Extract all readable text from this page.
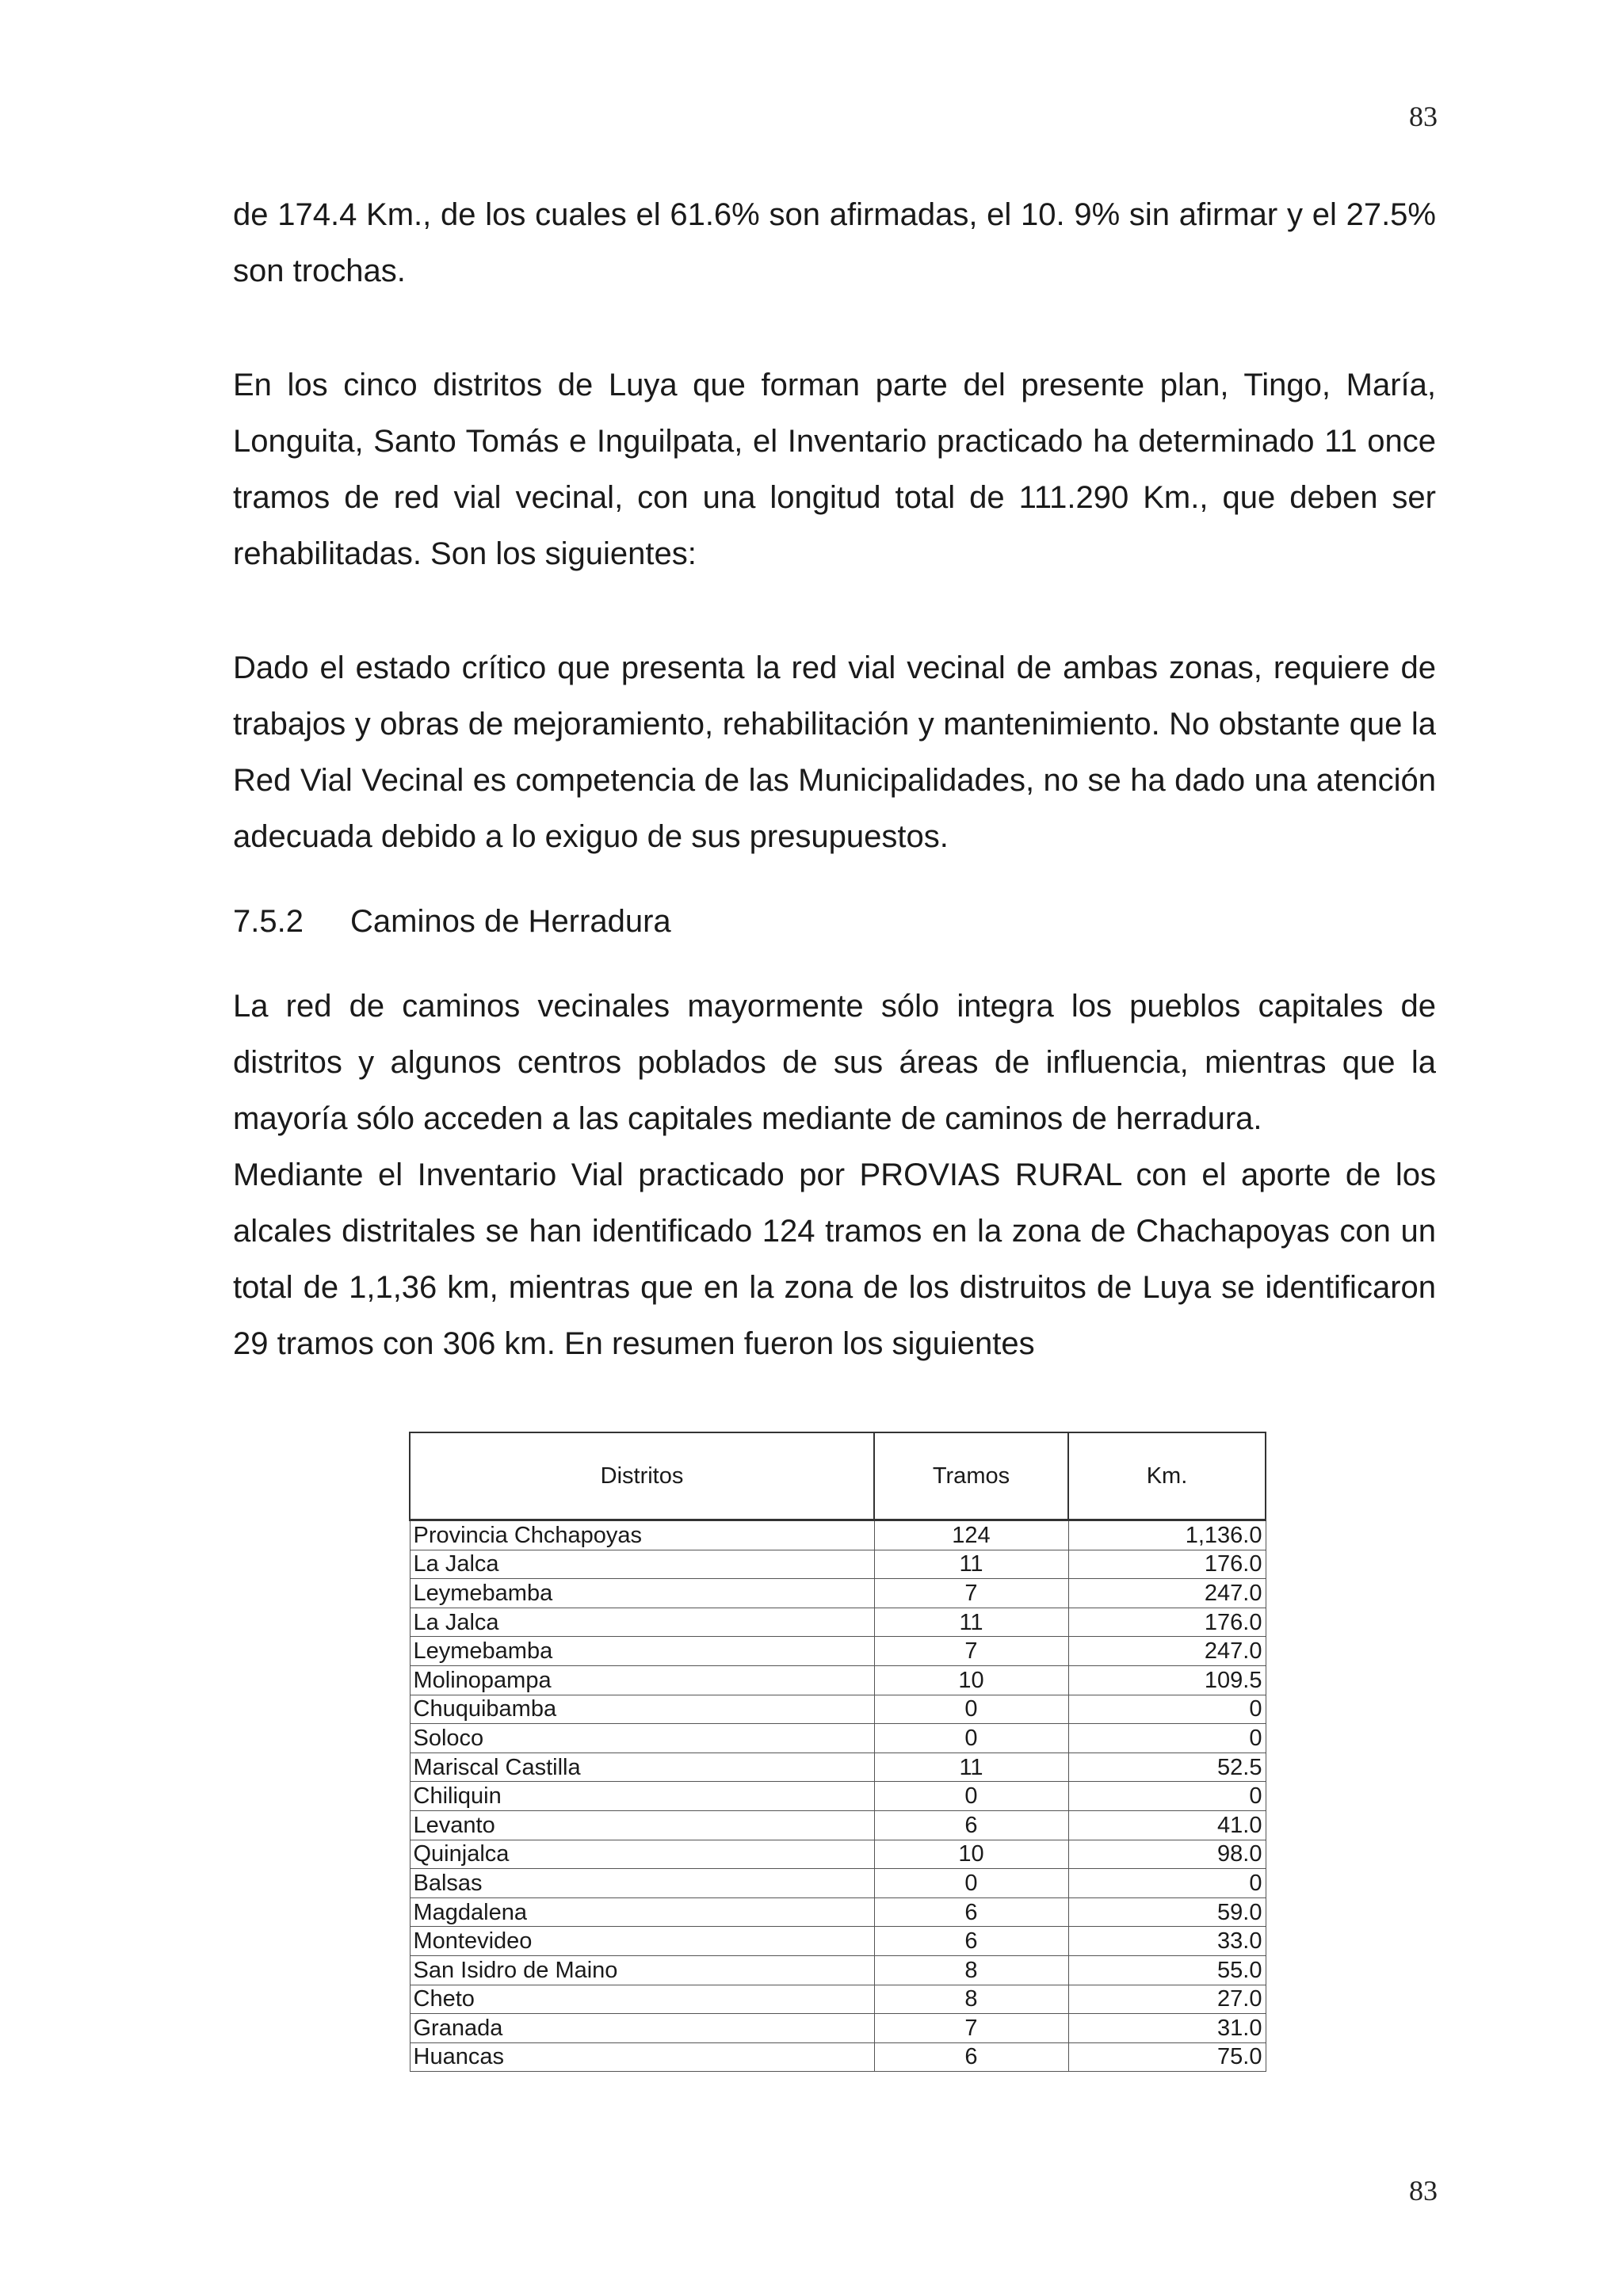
83

de 174.4 Km., de los cuales el 61.6% son afirmadas, el 10. 9% sin afirmar y el 27.5% son trochas.

En los cinco distritos de Luya que forman parte del presente plan, Tingo, María, Longuita, Santo Tomás e Inguilpata, el Inventario practicado ha determinado 11 once tramos de red vial vecinal, con una longitud total de 111.290 Km., que deben ser rehabilitadas. Son los siguientes:

Dado el estado crítico que presenta la red vial vecinal de ambas zonas, requiere de trabajos y obras de mejoramiento, rehabilitación y mantenimiento. No obstante que la Red Vial Vecinal es competencia de las Municipalidades, no se ha dado una atención adecuada debido a lo exiguo de sus presupuestos.

7.5.2	Caminos de Herradura

La red de caminos vecinales mayormente sólo integra los pueblos capitales de distritos y algunos centros poblados de sus áreas de influencia, mientras que la mayoría sólo acceden a las capitales mediante de caminos de herradura.

Mediante el Inventario Vial practicado por PROVIAS RURAL con el aporte de los alcales distritales se han identificado 124 tramos en la zona de Chachapoyas con un total de 1,1,36 km, mientras que en la zona de los distruitos de Luya se identificaron 29 tramos con 306 km. En resumen fueron los siguientes

Distritos	Tramos	Km.
Provincia Chchapoyas	124	1,136.0
La Jalca	11	176.0
Leymebamba	7	247.0
La Jalca	11	176.0
Leymebamba	7	247.0
Molinopampa	10	109.5
Chuquibamba	0	0
Soloco	0	0
Mariscal Castilla	11	52.5
Chiliquin	0	0
Levanto	6	41.0
Quinjalca	10	98.0
Balsas	0	0
Magdalena	6	59.0
Montevideo	6	33.0
San Isidro de Maino	8	55.0
Cheto	8	27.0
Granada	7	31.0
Huancas	6	75.0
83
